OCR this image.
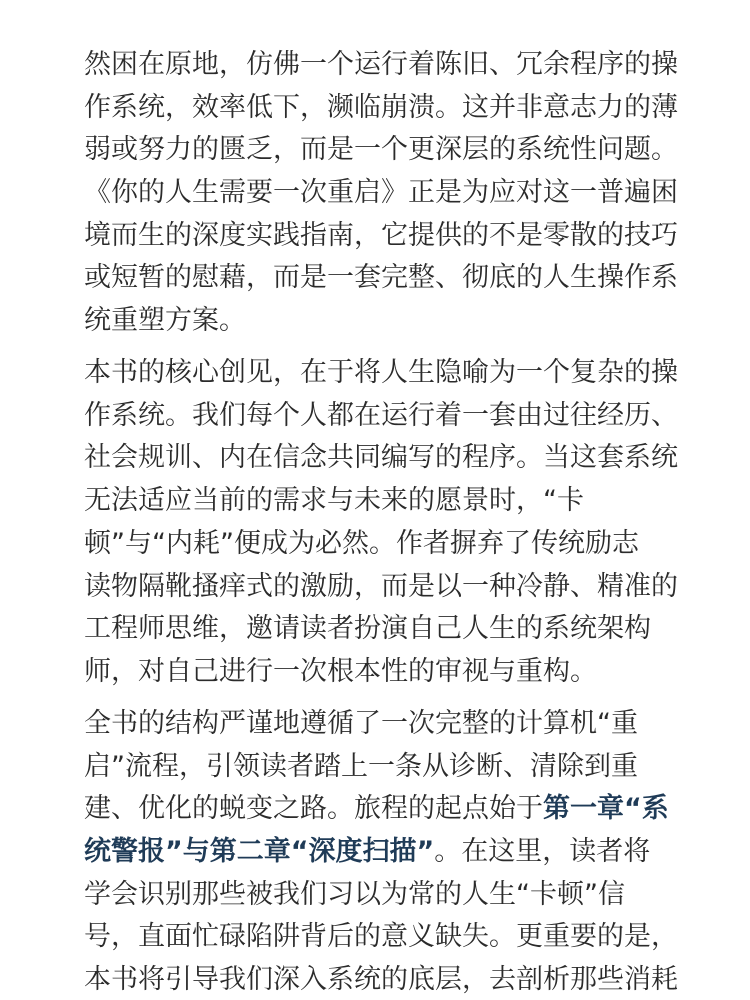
然困在原地，仿佛一个运行着陈旧、冗余程序的操
作系统，效率低下，濒临崩溃。这并非意志力的薄
弱或努力的匮乏，而是一个更深层的系统性问题。
《你的人生需要一次重启》正是为应对这一普遍困
境而生的深度实践指南，它提供的不是零散的技巧
或短暂的慰藉，而是一套完整、彻底的人生操作系
统重塑方案。
本书的核心创见，在于将人生隐喻为一个复杂的操
作系统。我们每个人都在运行着一套由过往经历、
社会规训、内在信念共同编写的程序。当这套系统
无法适应当前的需求与未来的愿景时，“卡
顿”与“内耗”便成为必然。作者摒弃了传统励志
读物隔靴搔痒式的激励，而是以一种冷静、精准的
工程师思维，邀请读者扮演自己人生的系统架构
师，对自己进行一次根本性的审视与重构。
全书的结构严谨地遵循了一次完整的计算机“重
启”流程，引领读者踏上一条从诊断、清除到重
建、优化的蜕变之路。旅程的起点始于第一章“系
统警报”与第二章“深度扫描”。在这里，读者将
学会识别那些被我们习以为常的人生“卡顿”信
号，直面忙碌陷阱背后的意义缺失。更重要的是，
本书将引导我们深入系统的底层，去剖析那些消耗
